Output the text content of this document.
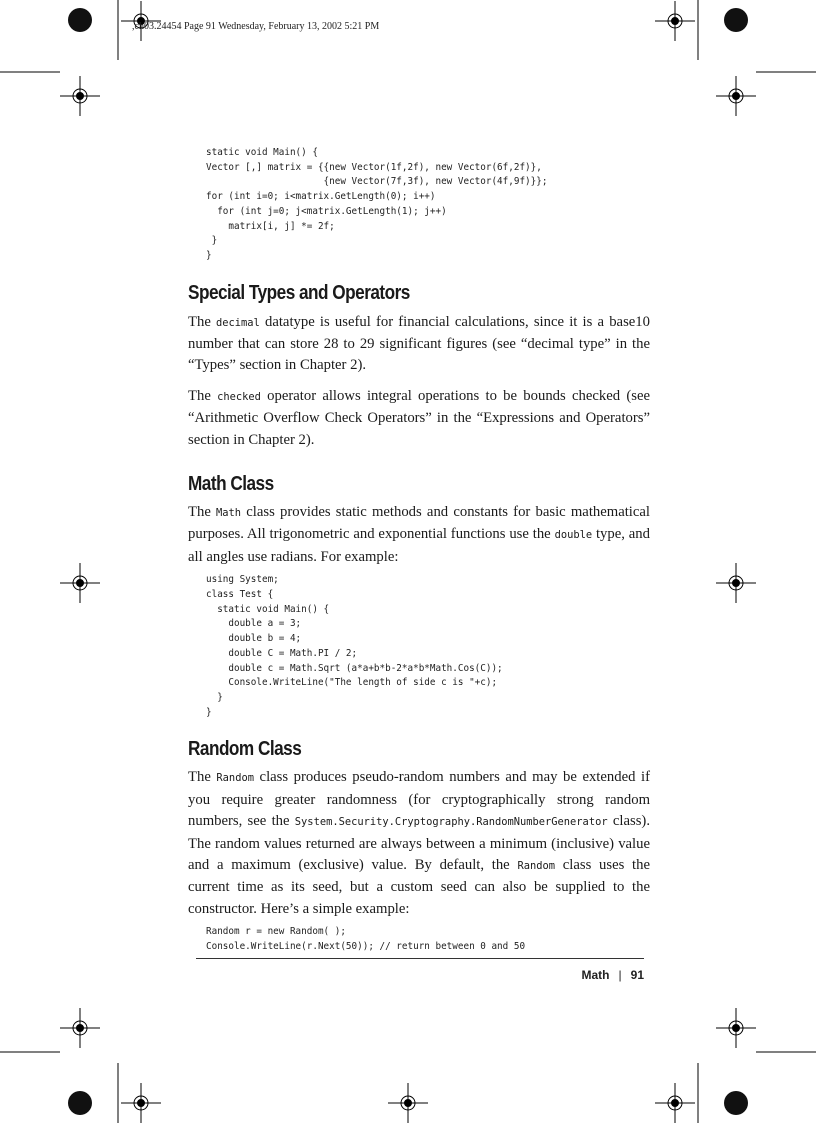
,ch03.24454 Page 91 Wednesday, February 13, 2002 5:21 PM
static void Main() {
Vector [,] matrix = {{new Vector(1f,2f), new Vector(6f,2f)},
{new Vector(7f,3f), new Vector(4f,9f)}};
for (int i=0; i<matrix.GetLength(0); i++)
for (int j=0; j<matrix.GetLength(1); j++)
matrix[i, j] *= 2f;
}
}
Special Types and Operators

The decimal datatype is useful for financial calculations, since it is a base10 number that can store 28 to 29 significant figures (see “decimal type” in the “Types” section in Chapter 2).

The checked operator allows integral operations to be bounds checked (see “Arithmetic Overflow Check Operators” in the “Expressions and Operators” section in Chapter 2).

Math Class

The Math class provides static methods and constants for basic mathematical purposes. All trigonometric and exponential functions use the double type, and all angles use radians. For example:

using System;
class Test {
static void Main() {
double a = 3;
double b = 4;
double C = Math.PI / 2;
double c = Math.Sqrt (a*a+b*b-2*a*b*Math.Cos(C));
Console.WriteLine("The length of side c is "+c);
}
}
Random Class

The Random class produces pseudo-random numbers and may be extended if you require greater randomness (for cryptographically strong random numbers, see the System.Security.Cryptography.RandomNumberGenerator class). The random values returned are always between a minimum (inclusive) value and a maximum (exclusive) value. By default, the Random class uses the current time as its seed, but a custom seed can also be supplied to the constructor. Here’s a simple example:

Random r = new Random( );
Console.WriteLine(r.Next(50)); // return between 0 and 50
Math | 91
